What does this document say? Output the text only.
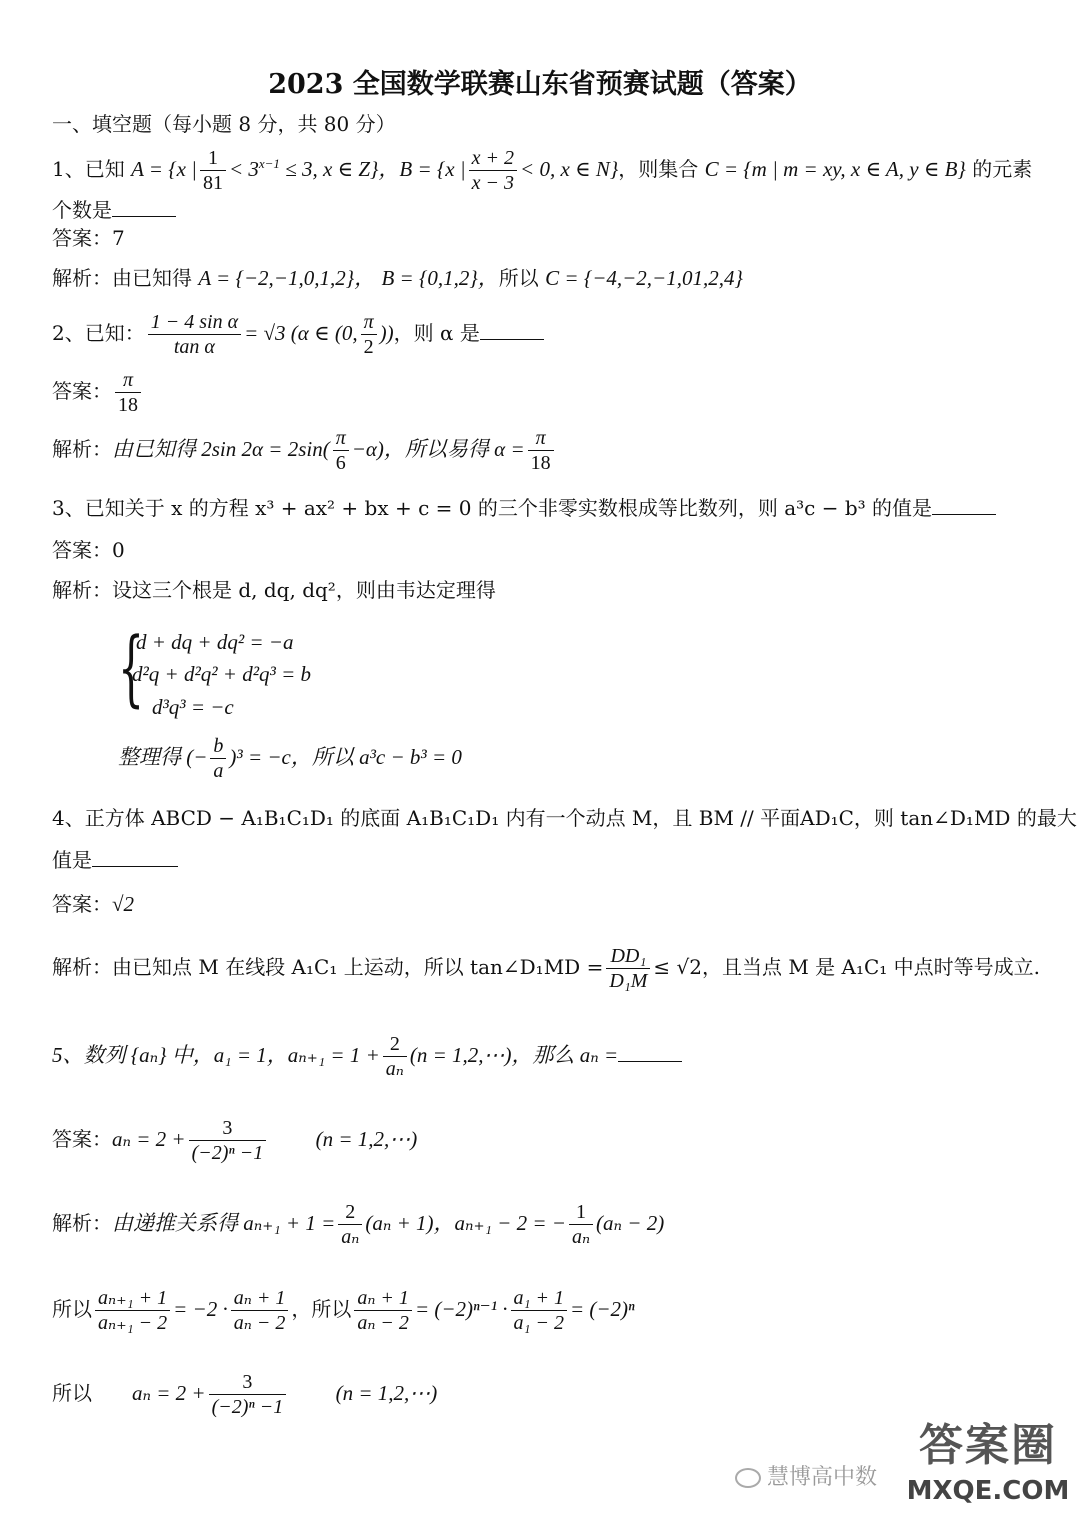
2023 全国数学联赛山东省预赛试题（答案）
一、填空题（每小题 8 分，共 80 分）
1、已知 A = {x | $\frac{1}{81} < 3^{x-1} \le 3$, x ∈ Z}，B = {x | $\frac{x + 2}{x - 3} < 0$, x ∈ N}，则集合 C = {m | m = xy, x ∈ A, y ∈ B} 的元素
个数是
答案：7
解析：由已知得 A = {−2,−1,0,1,2}， B = {0,1,2}，所以 C = {−4,−2,−1,01,2,4}
2、已知： $\frac{\text{1 − 4 sin α}}{\text{tan α}} = √3$ (α ∈ (0, $\frac{\pi}{2}$ ))，则 α 是
答案： $\frac{\pi}{18}$
解析：由已知得 2sin $2\alpha = 2\sin( \frac{\pi}{6} -\alpha)$，所以易得 $\alpha = \frac{\pi}{18}$
3、已知关于 x 的方程 x³ + ax² + bx + c = 0 的三个非零实数根成等比数列，则 a³c − b³ 的值是
答案：0
解析：设这三个根是 d, dq, dq²，则由韦达定理得
{
d + dq + dq² = −a
d²q + d²q² + d²q³ = b
d³q³ = −c
整理得 (− $\frac{b}{a} )^3 = -c$，所以 a³c − b³ = 0
4、正方体 ABCD − A₁B₁C₁D₁ 的底面 A₁B₁C₁D₁ 内有一个动点 M，且 BM // 平面AD₁C，则 tan∠D₁MD 的最大
值是
答案：√2
解析：由已知点 M 在线段 A₁C₁ 上运动，所以 tan∠D₁MD = $\frac{\text{DD₁}}{\text{D₁M}} \le √2$，且当点 M 是 A₁C₁ 中点时等号成立.
5、数列 {aₙ} 中，a₁ = 1，$a_{n+1} = 1 + \frac{2}{\text{aₙ}} (n$ = 1,2,⋯)，那么 aₙ =
答案：$a_n = 2 + \frac{3}{\text{(−2)ⁿ −1}} (n$ = 1,2,⋯)
解析：由递推关系得 $a_{n+1} + 1 = \frac{2}{\text{aₙ}} (a_n + 1)$，aₙ₊₁ − 2 = − $\frac{1}{\text{aₙ}} (a_n - 2)$
所以 $\frac{\text{aₙ₊₁ + 1}}{\text{aₙ₊₁ − 2}} = -2 \cdot \frac{\text{aₙ + 1}}{\text{aₙ − 2}}$ ，所以 $\frac{\text{aₙ + 1}}{\text{aₙ − 2}} = (-2)^{n-1} \cdot \frac{\text{a₁ + 1}}{\text{a₁ − 2}} = (-2)^n$
所以 $a_n = 2 + \frac{3}{\text{(−2)ⁿ −1}} (n$ = 1,2,⋯)
慧博高中数
答案圈
MXQE.COM
